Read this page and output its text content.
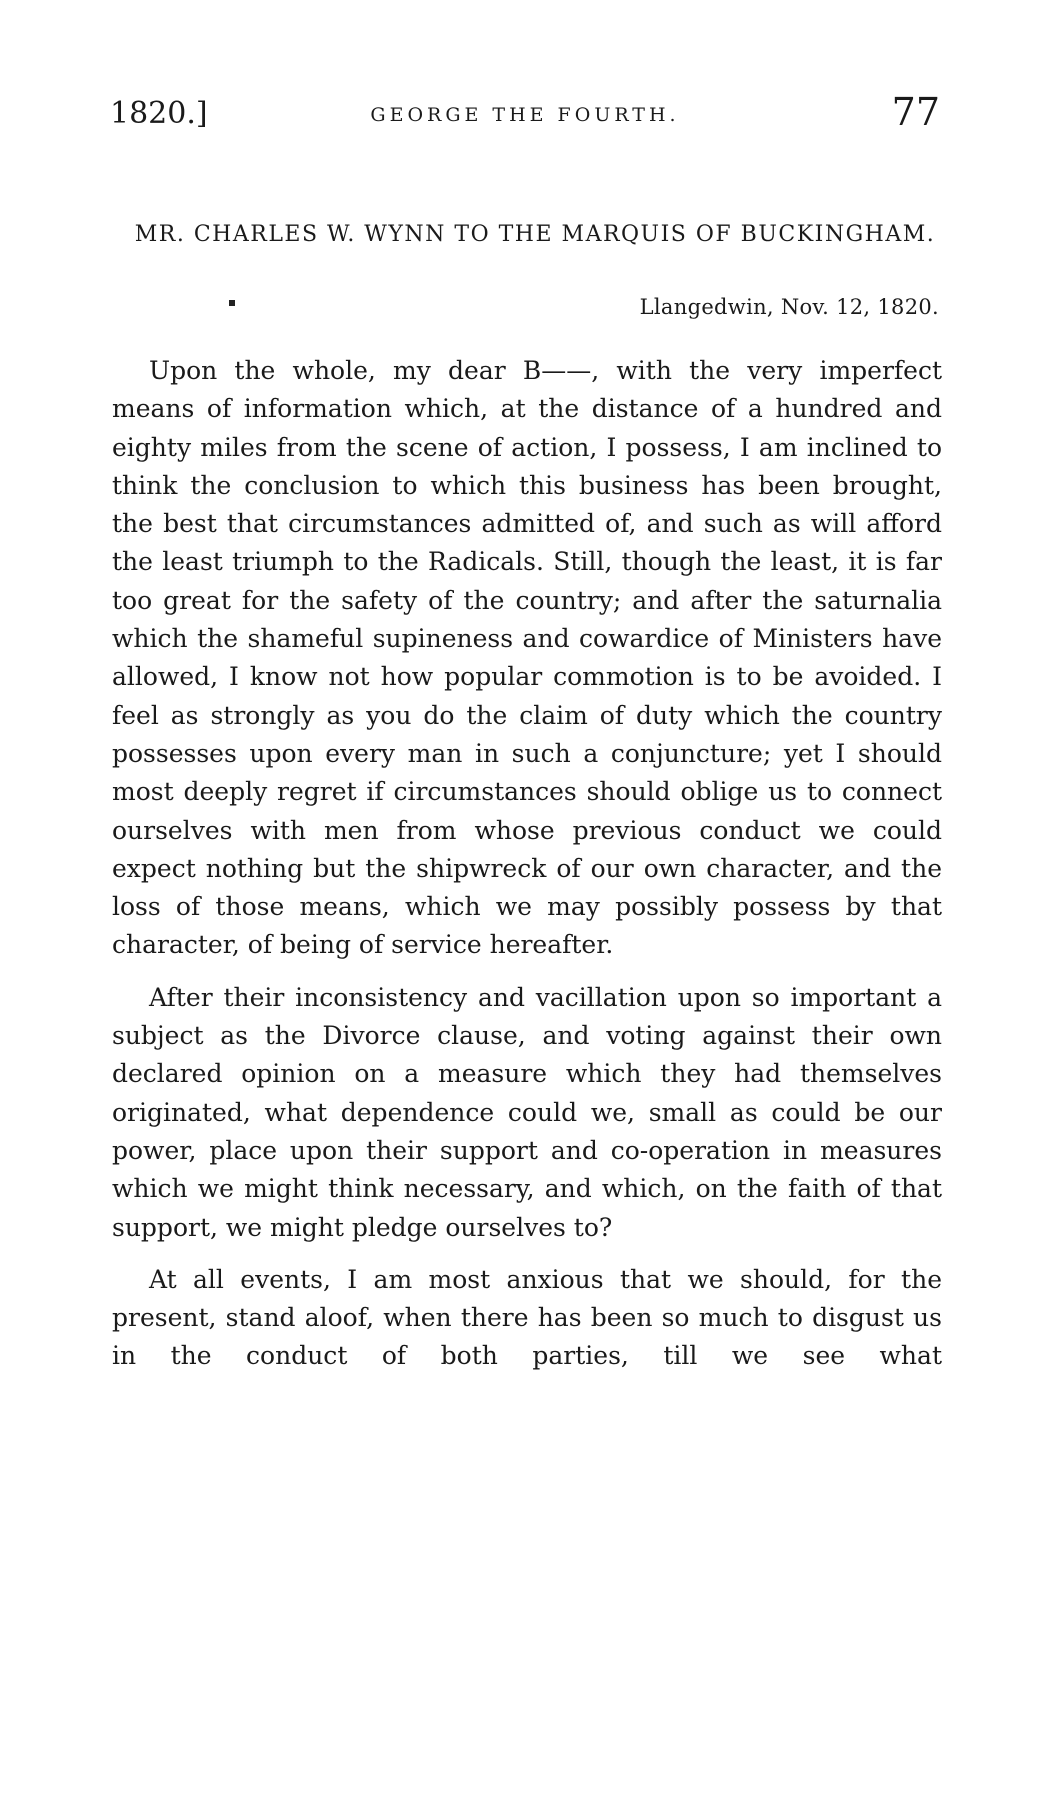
1820.]	GEORGE THE FOURTH.	77
MR. CHARLES W. WYNN TO THE MARQUIS OF BUCKINGHAM.
Llangedwin, Nov. 12, 1820.

Upon the whole, my dear B——, with the very imperfect means of information which, at the distance of a hundred and eighty miles from the scene of action, I possess, I am inclined to think the conclusion to which this business has been brought, the best that circumstances admitted of, and such as will afford the least triumph to the Radicals. Still, though the least, it is far too great for the safety of the country; and after the saturnalia which the shameful supineness and cowardice of Ministers have allowed, I know not how popular commotion is to be avoided. I feel as strongly as you do the claim of duty which the country possesses upon every man in such a conjuncture; yet I should most deeply regret if circumstances should oblige us to connect ourselves with men from whose previous conduct we could expect nothing but the shipwreck of our own character, and the loss of those means, which we may possibly possess by that character, of being of service hereafter.

After their inconsistency and vacillation upon so important a subject as the Divorce clause, and voting against their own declared opinion on a measure which they had themselves originated, what dependence could we, small as could be our power, place upon their support and co-operation in measures which we might think necessary, and which, on the faith of that support, we might pledge ourselves to?

At all events, I am most anxious that we should, for the present, stand aloof, when there has been so much to disgust us in the conduct of both parties, till we see what
